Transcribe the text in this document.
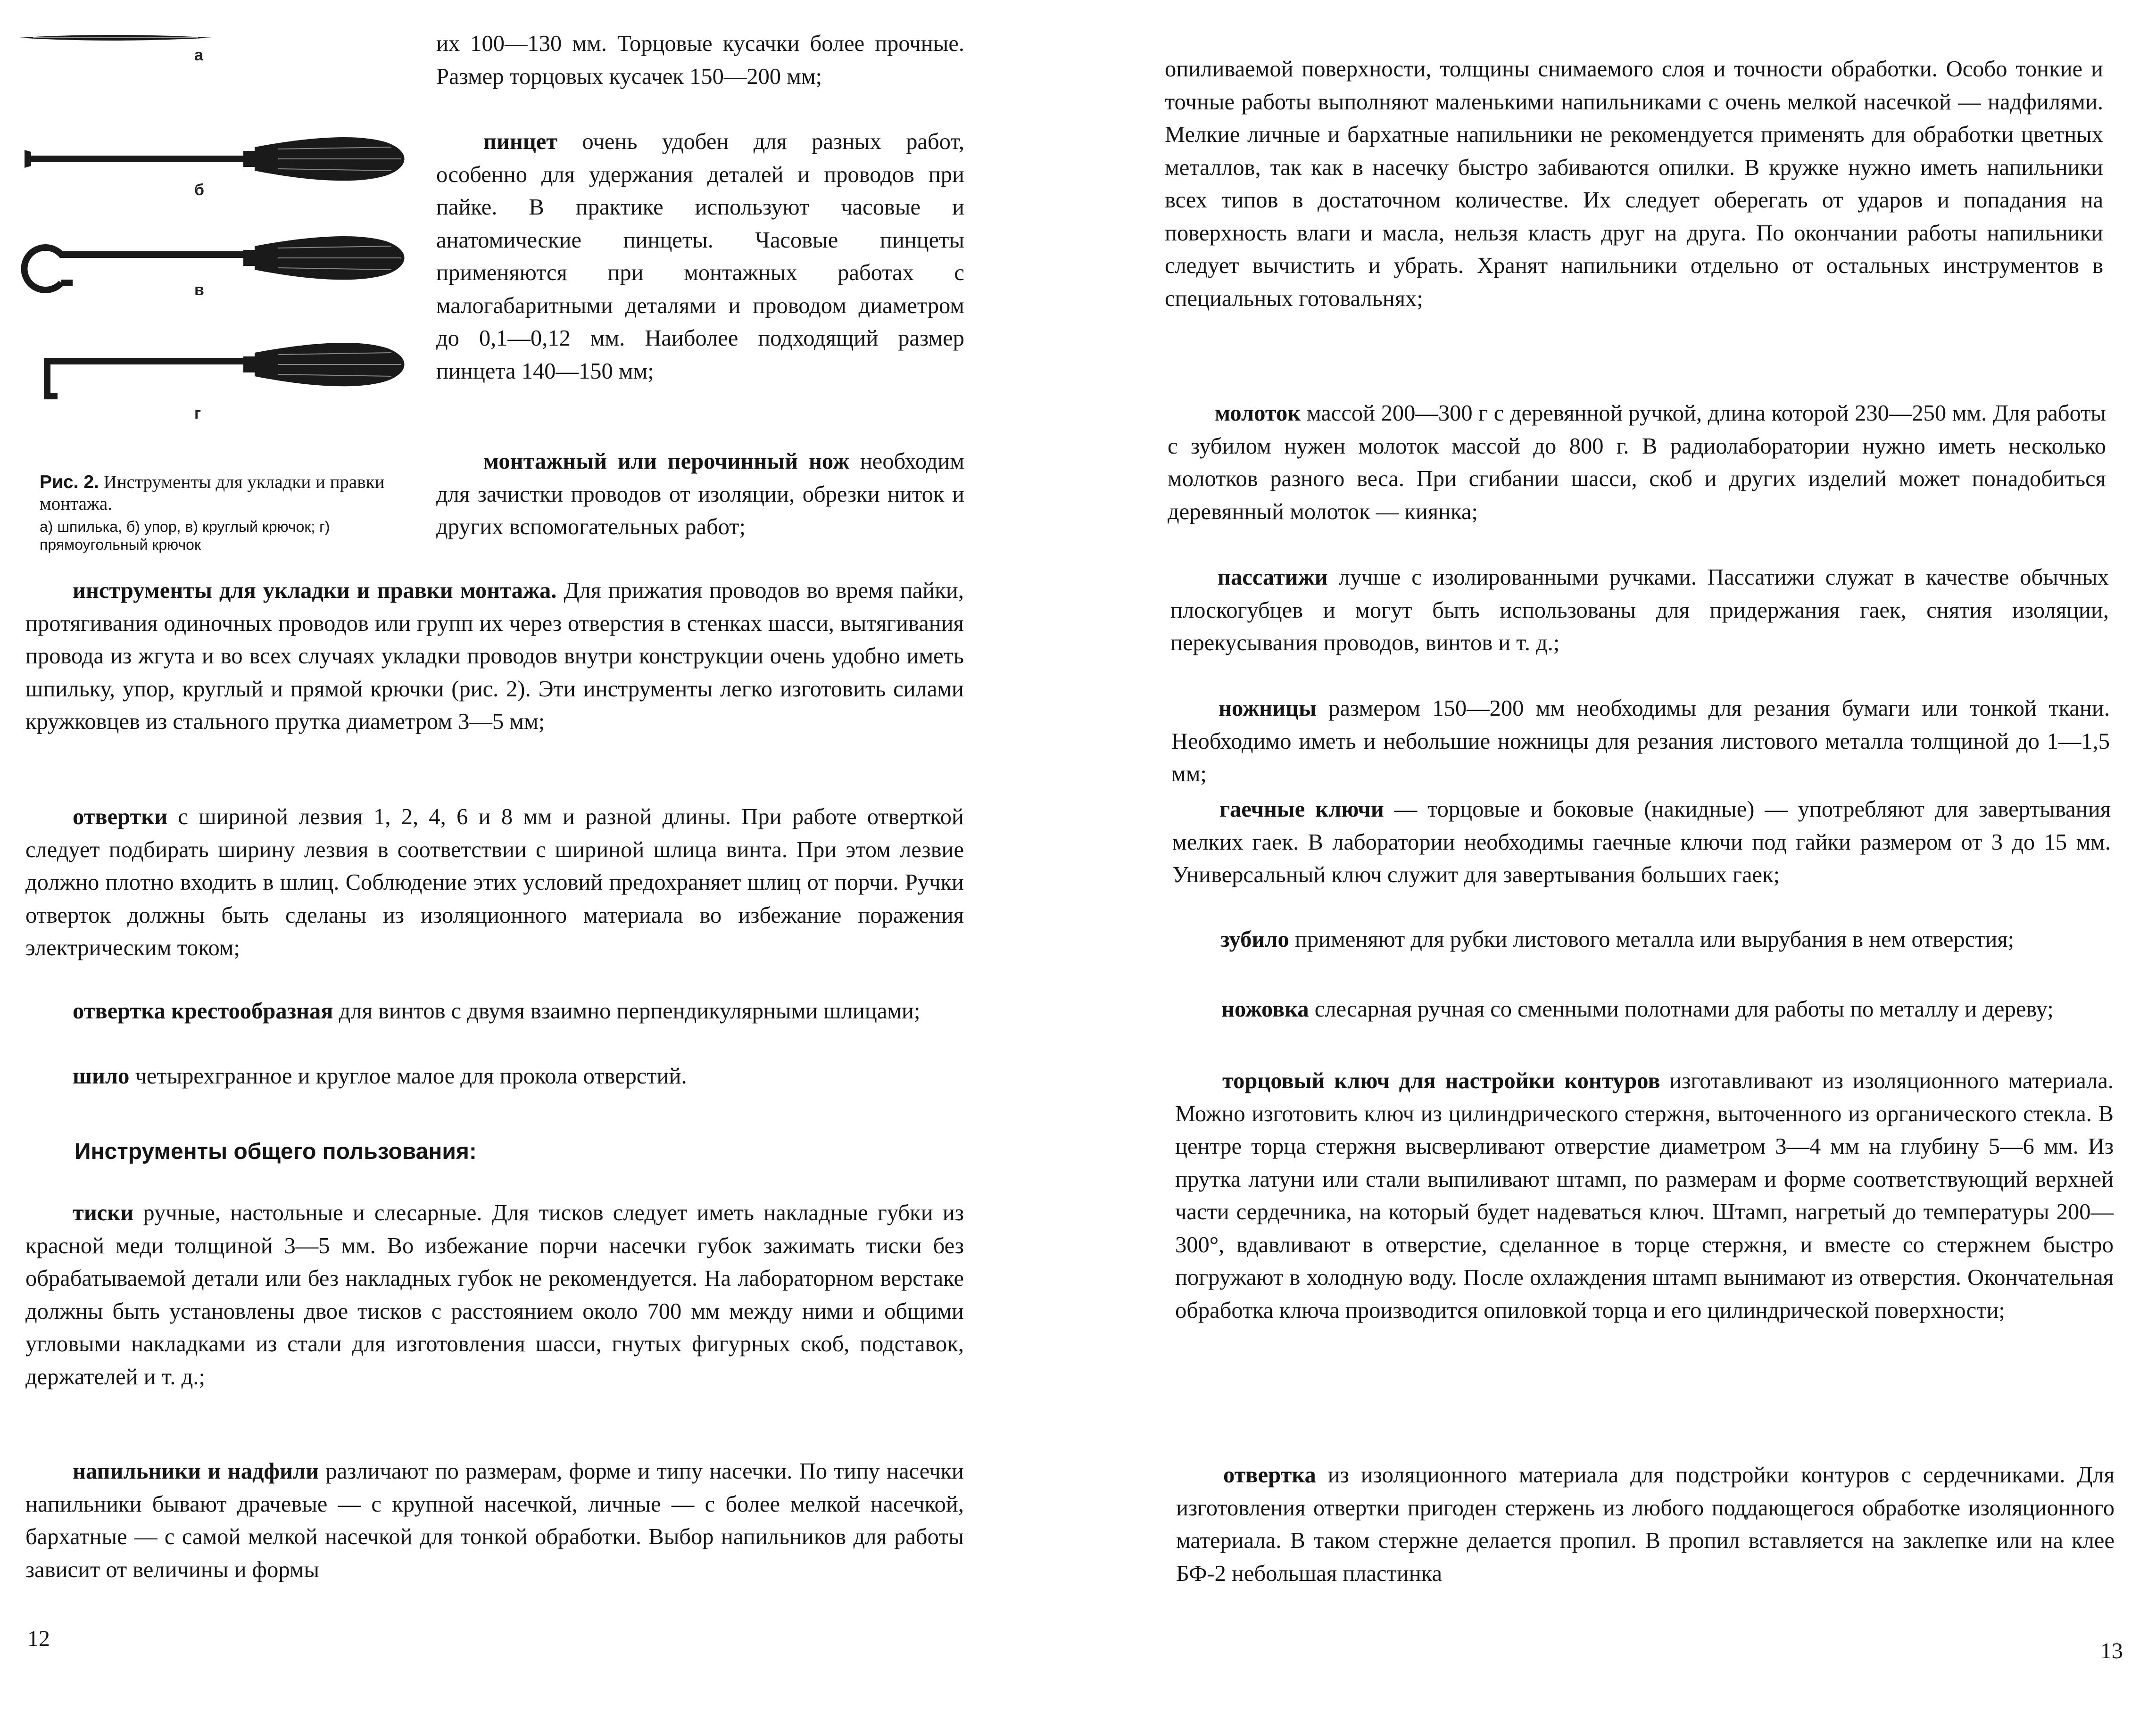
а
б
в
г
Рис. 2. Инструменты для укладки и правки монтажа.
а) шпилька, б) упор, в) круглый крючок; г) прямоугольный крючок

их 100—130 мм. Торцовые кусачки более прочные. Размер торцовых кусачек 150—200 мм;

пинцет очень удобен для разных работ, особенно для удержания деталей и проводов при пайке. В практике используют часовые и анатомические пинцеты. Часовые пинцеты применяются при монтажных работах с малогабаритными деталями и проводом диаметром до 0,1—0,12 мм. Наиболее подходящий размер пинцета 140—150 мм;

монтажный или перочинный нож необходим для зачистки проводов от изоляции, обрезки ниток и других вспомогательных работ;

инструменты для укладки и правки монтажа. Для прижатия проводов во время пайки, протягивания одиночных проводов или групп их через отверстия в стенках шасси, вытягивания провода из жгута и во всех случаях укладки проводов внутри конструкции очень удобно иметь шпильку, упор, круглый и прямой крючки (рис. 2). Эти инструменты легко изготовить силами кружковцев из стального прутка диаметром 3—5 мм;

отвертки с шириной лезвия 1, 2, 4, 6 и 8 мм и разной длины. При работе отверткой следует подбирать ширину лезвия в соответствии с шириной шлица винта. При этом лезвие должно плотно входить в шлиц. Соблюдение этих условий предохраняет шлиц от порчи. Ручки отверток должны быть сделаны из изоляционного материала во избежание поражения электрическим током;

отвертка крестообразная для винтов с двумя взаимно перпендикулярными шлицами;

шило четырехгранное и круглое малое для прокола отверстий.

Инструменты общего пользования:

тиски ручные, настольные и слесарные. Для тисков следует иметь накладные губки из красной меди толщиной 3—5 мм. Во избежание порчи насечки губок зажимать тиски без обрабатываемой детали или без накладных губок не рекомендуется. На лабораторном верстаке должны быть установлены двое тисков с расстоянием около 700 мм между ними и общими угловыми накладками из стали для изготовления шасси, гнутых фигурных скоб, подставок, держателей и т. д.;

напильники и надфили различают по размерам, форме и типу насечки. По типу насечки напильники бывают драчевые — с крупной насечкой, личные — с более мелкой насечкой, бархатные — с самой мелкой насечкой для тонкой обработки. Выбор напильников для работы зависит от величины и формы

12

опиливаемой поверхности, толщины снимаемого слоя и точности обработки. Особо тонкие и точные работы выполняют маленькими напильниками с очень мелкой насечкой — надфилями. Мелкие личные и бархатные напильники не рекомендуется применять для обработки цветных металлов, так как в насечку быстро забиваются опилки. В кружке нужно иметь напильники всех типов в достаточном количестве. Их следует оберегать от ударов и попадания на поверхность влаги и масла, нельзя класть друг на друга. По окончании работы напильники следует вычистить и убрать. Хранят напильники отдельно от остальных инструментов в специальных готовальнях;

молоток массой 200—300 г с деревянной ручкой, длина которой 230—250 мм. Для работы с зубилом нужен молоток массой до 800 г. В радиолаборатории нужно иметь несколько молотков разного веса. При сгибании шасси, скоб и других изделий может понадобиться деревянный молоток — киянка;

пассатижи лучше с изолированными ручками. Пассатижи служат в качестве обычных плоскогубцев и могут быть использованы для придержания гаек, снятия изоляции, перекусывания проводов, винтов и т. д.;

ножницы размером 150—200 мм необходимы для резания бумаги или тонкой ткани. Необходимо иметь и небольшие ножницы для резания листового металла толщиной до 1—1,5 мм;

гаечные ключи — торцовые и боковые (накидные) — употребляют для завертывания мелких гаек. В лаборатории необходимы гаечные ключи под гайки размером от 3 до 15 мм. Универсальный ключ служит для завертывания больших гаек;

зубило применяют для рубки листового металла или вырубания в нем отверстия;

ножовка слесарная ручная со сменными полотнами для работы по металлу и дереву;

торцовый ключ для настройки контуров изготавливают из изоляционного материала. Можно изготовить ключ из цилиндрического стержня, выточенного из органического стекла. В центре торца стержня высверливают отверстие диаметром 3—4 мм на глубину 5—6 мм. Из прутка латуни или стали выпиливают штамп, по размерам и форме соответствующий верхней части сердечника, на который будет надеваться ключ. Штамп, нагретый до температуры 200—300°, вдавливают в отверстие, сделанное в торце стержня, и вместе со стержнем быстро погружают в холодную воду. После охлаждения штамп вынимают из отверстия. Окончательная обработка ключа производится опиловкой торца и его цилиндрической поверхности;

отвертка из изоляционного материала для подстройки контуров с сердечниками. Для изготовления отвертки пригоден стержень из любого поддающегося обработке изоляционного материала. В таком стержне делается пропил. В пропил вставляется на заклепке или на клее БФ-2 небольшая пластинка

13
